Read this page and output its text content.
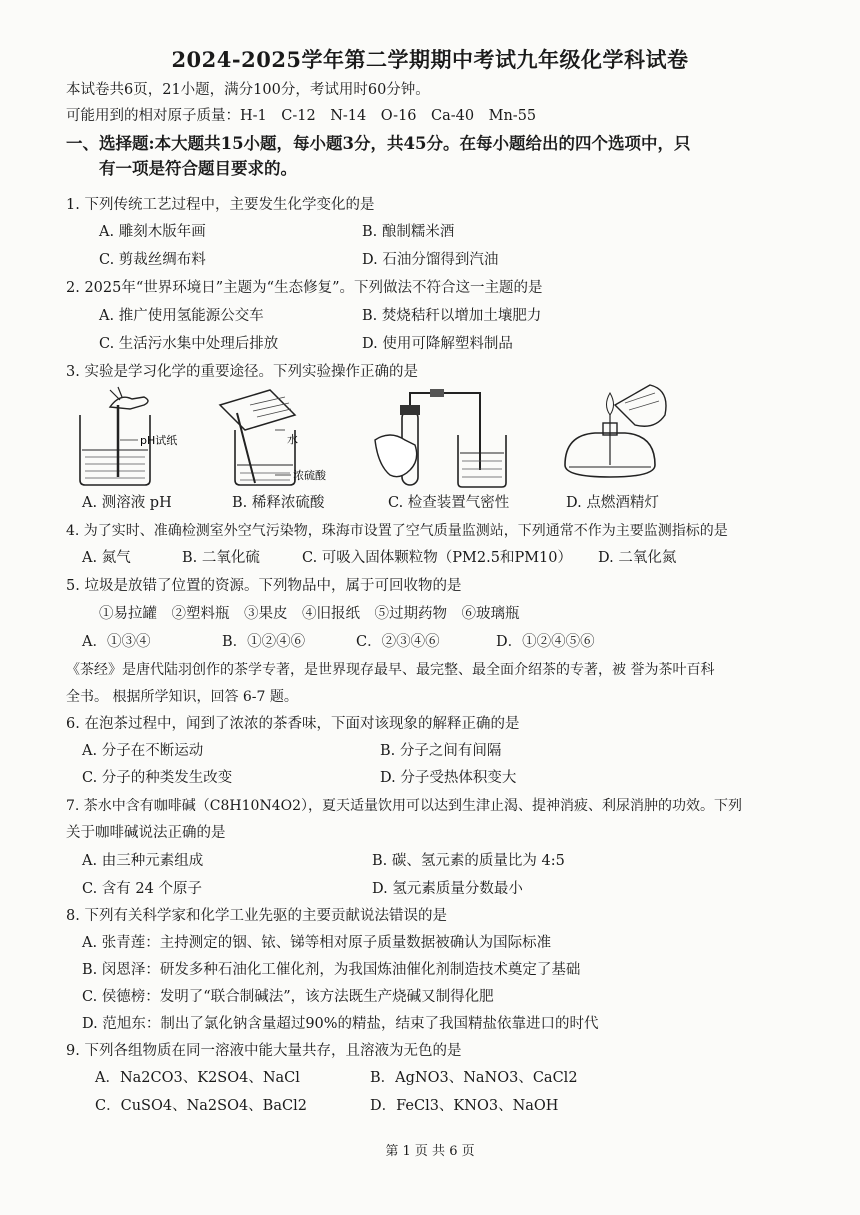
2024-2025学年第二学期期中考试九年级化学科试卷
本试卷共6页，21小题，满分100分，考试用时60分钟。
可能用到的相对原子质量：H-1　C-12　N-14　O-16　Ca-40　Mn-55
一、选择题:本大题共15小题，每小题3分，共45分。在每小题给出的四个选项中，只
有一项是符合题目要求的。
1. 下列传统工艺过程中，主要发生化学变化的是
A. 雕刻木版年画	B. 酿制糯米酒
C. 剪裁丝绸布料	D. 石油分馏得到汽油
2. 2025年“世界环境日”主题为“生态修复”。下列做法不符合这一主题的是
A. 推广使用氢能源公交车	B. 焚烧秸秆以增加土壤肥力
C. 生活污水集中处理后排放	D. 使用可降解塑料制品
3. 实验是学习化学的重要途径。下列实验操作正确的是
pH试纸	水
浓硫酸
A. 测溶液 pH	B. 稀释浓硫酸	C. 检查装置气密性	D. 点燃酒精灯
4. 为了实时、准确检测室外空气污染物，珠海市设置了空气质量监测站，下列通常不作为主要监测指标的是
A. 氮气	B. 二氧化硫	C. 可吸入固体颗粒物（PM2.5和PM10） D. 二氧化氮
5. 垃圾是放错了位置的资源。下列物品中，属于可回收物的是
①易拉罐　②塑料瓶　③果皮　④旧报纸　⑤过期药物　⑥玻璃瓶
A．①③④	B．①②④⑥	C．②③④⑥	D．①②④⑤⑥
《茶经》是唐代陆羽创作的茶学专著，是世界现存最早、最完整、最全面介绍茶的专著，被 誉为茶叶百科
全书。 根据所学知识，回答 6-7 题。
6. 在泡茶过程中，闻到了浓浓的茶香味，下面对该现象的解释正确的是
A. 分子在不断运动	B. 分子之间有间隔
C. 分子的种类发生改变	D. 分子受热体积变大
7. 茶水中含有咖啡碱（C8H10N4O2），夏天适量饮用可以达到生津止渴、提神消疲、利尿消肿的功效。下列
关于咖啡碱说法正确的是
A. 由三种元素组成	B. 碳、氢元素的质量比为 4:5
C. 含有 24 个原子	D. 氢元素质量分数最小
8. 下列有关科学家和化学工业先驱的主要贡献说法错误的是
A. 张青莲：主持测定的铟、铱、锑等相对原子质量数据被确认为国际标准
B. 闵恩泽：研发多种石油化工催化剂，为我国炼油催化剂制造技术奠定了基础
C. 侯德榜：发明了“联合制碱法”，该方法既生产烧碱又制得化肥
D. 范旭东：制出了氯化钠含量超过90%的精盐，结束了我国精盐依靠进口的时代
9. 下列各组物质在同一溶液中能大量共存，且溶液为无色的是
A．Na2CO3、K2SO4、NaCl	B．AgNO3、NaNO3、CaCl2
C．CuSO4、Na2SO4、BaCl2	D．FeCl3、KNO3、NaOH
第 1 页 共 6 页
